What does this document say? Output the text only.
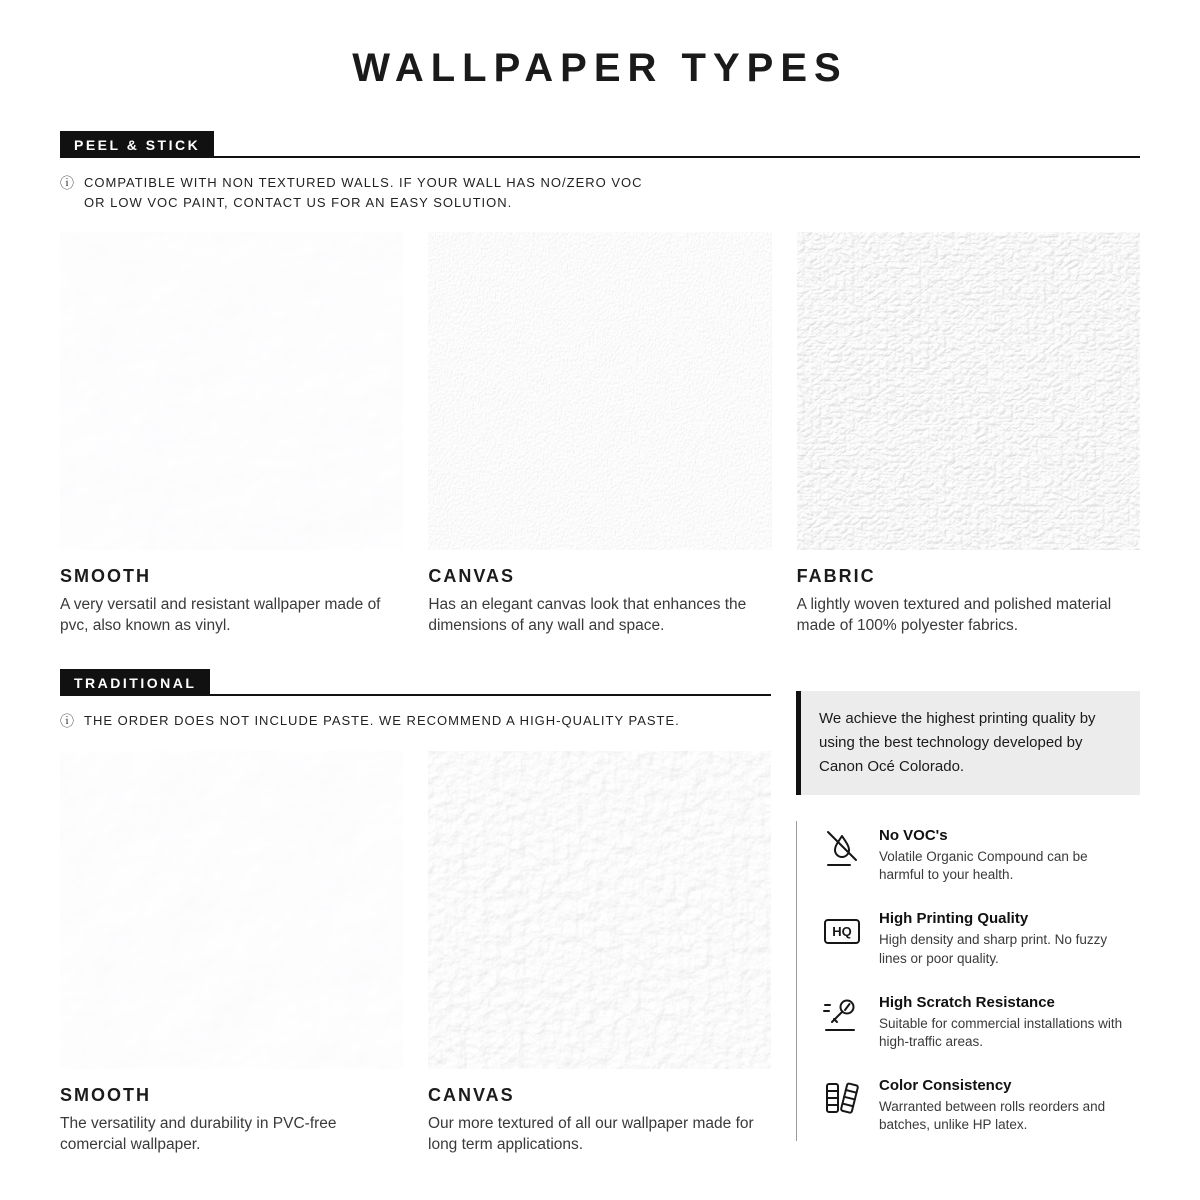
WALLPAPER TYPES
PEEL & STICK

ⓘ COMPATIBLE WITH NON TEXTURED WALLS. IF YOUR WALL HAS NO/ZERO VOC OR LOW VOC PAINT, CONTACT US FOR AN EASY SOLUTION.

SMOOTH

A very versatil and resistant wallpaper made of pvc, also known as vinyl.

CANVAS

Has an elegant canvas look that enhances the dimensions of any wall and space.

FABRIC

A lightly woven textured and polished material made of 100% polyester fabrics.

TRADITIONAL

ⓘ THE ORDER DOES NOT INCLUDE PASTE. WE RECOMMEND A HIGH-QUALITY PASTE.

SMOOTH

The versatility and durability in PVC-free comercial wallpaper.

CANVAS

Our more textured of all our wallpaper made for long term applications.

We achieve the highest printing quality by using the best technology developed by Canon Océ Colorado.

No VOC's

Volatile Organic Compound can be harmful to your health.

HQ
High Printing Quality

High density and sharp print. No fuzzy lines or poor quality.

High Scratch Resistance

Suitable for commercial installations with high-traffic areas.

Color Consistency

Warranted between rolls reorders and batches, unlike HP latex.
